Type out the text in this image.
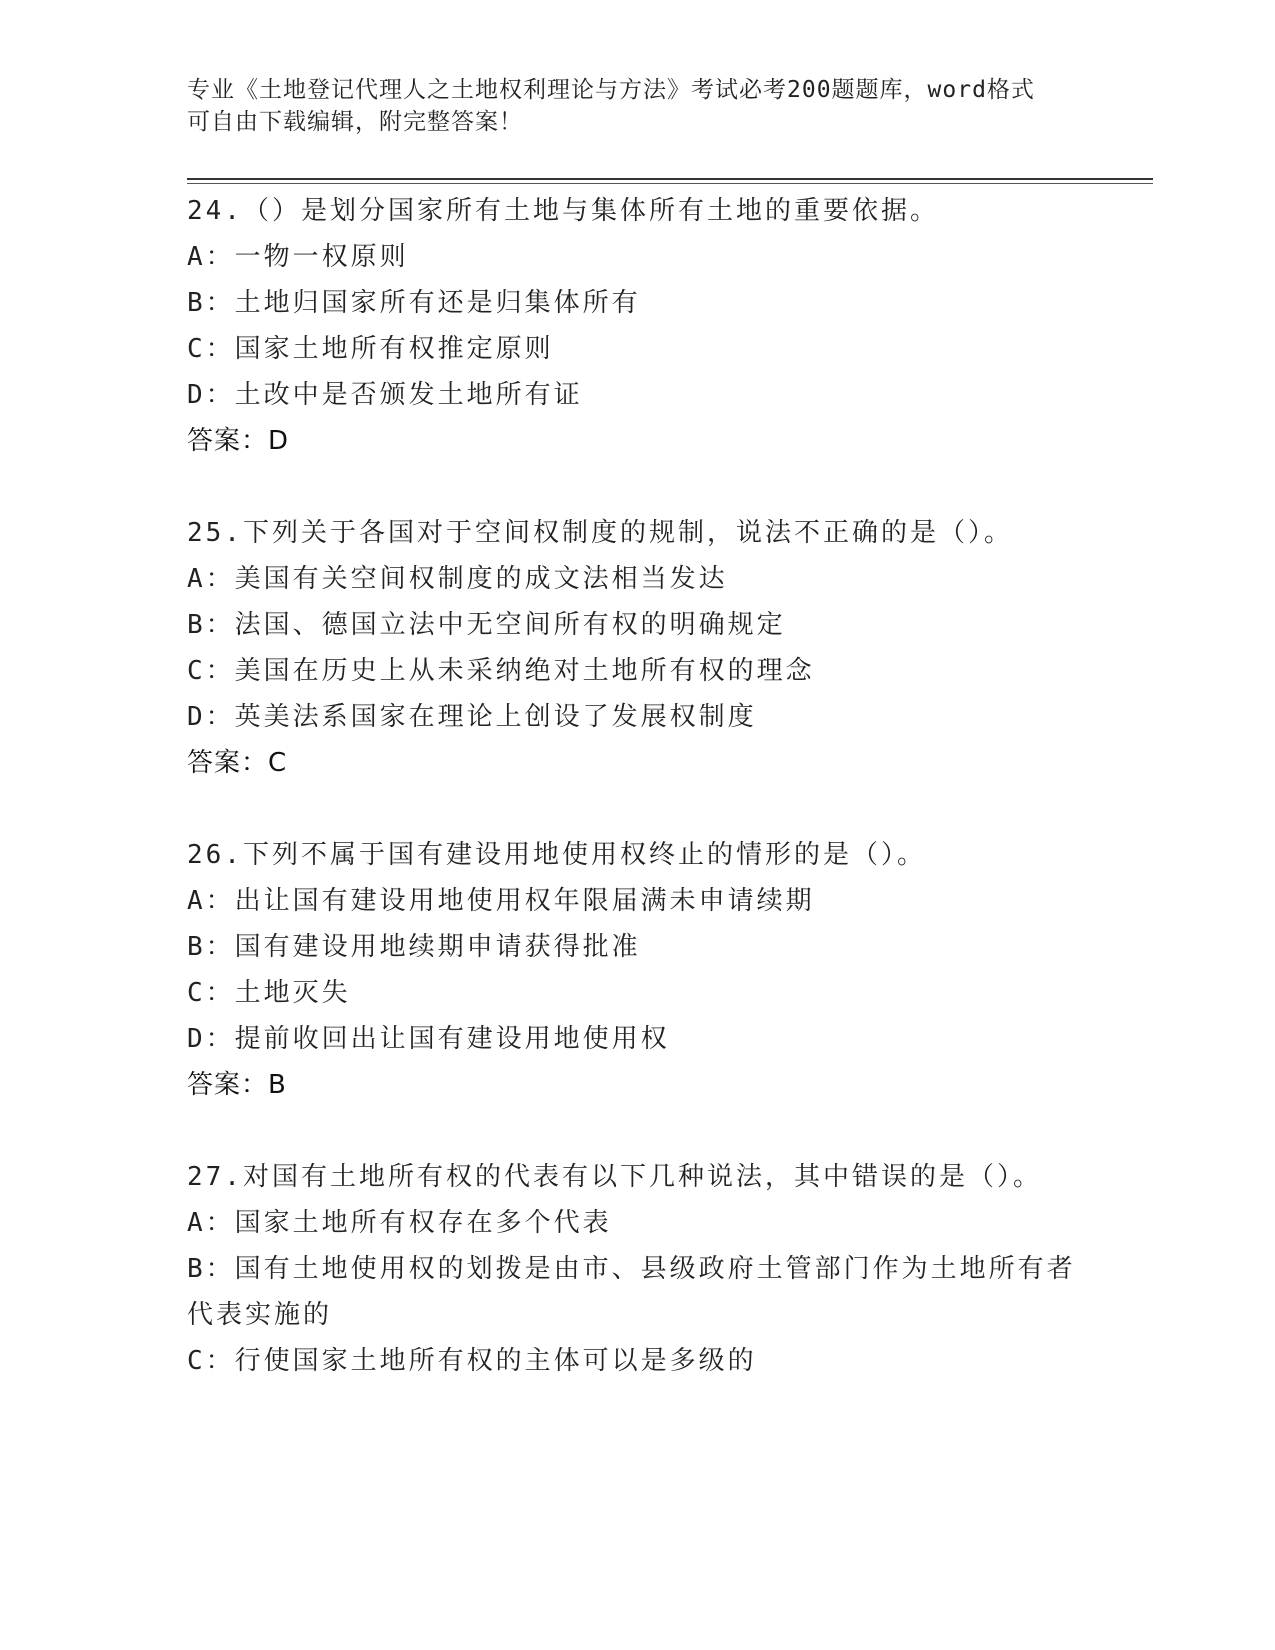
专业《土地登记代理人之土地权利理论与方法》考试必考200题题库，word格式
可自由下载编辑，附完整答案！
24.（）是划分国家所有土地与集体所有土地的重要依据。
A：一物一权原则
B：土地归国家所有还是归集体所有
C：国家土地所有权推定原则
D：土改中是否颁发土地所有证
答案：D
25.下列关于各国对于空间权制度的规制，说法不正确的是（）。
A：美国有关空间权制度的成文法相当发达
B：法国、德国立法中无空间所有权的明确规定
C：美国在历史上从未采纳绝对土地所有权的理念
D：英美法系国家在理论上创设了发展权制度
答案：C
26.下列不属于国有建设用地使用权终止的情形的是（）。
A：出让国有建设用地使用权年限届满未申请续期
B：国有建设用地续期申请获得批准
C：土地灭失
D：提前收回出让国有建设用地使用权
答案：B
27.对国有土地所有权的代表有以下几种说法，其中错误的是（）。
A：国家土地所有权存在多个代表
B：国有土地使用权的划拨是由市、县级政府土管部门作为土地所有者
代表实施的
C：行使国家土地所有权的主体可以是多级的
